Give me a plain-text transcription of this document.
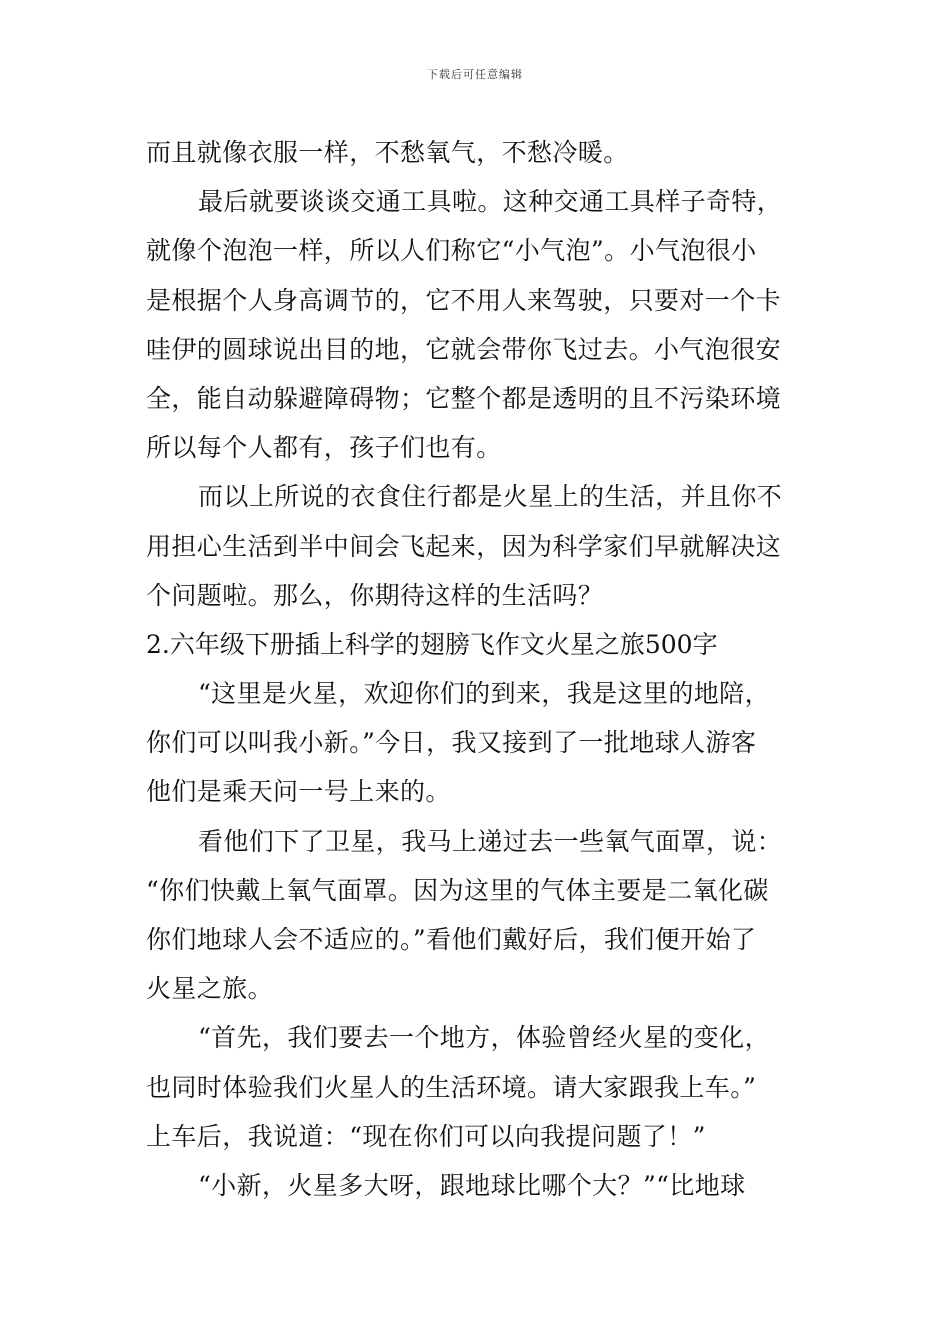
下载后可任意编辑
而且就像衣服一样，不愁氧气，不愁冷暖。
最后就要谈谈交通工具啦。这种交通工具样子奇特，
就像个泡泡一样，所以人们称它“小气泡”。小气泡很小
是根据个人身高调节的，它不用人来驾驶，只要对一个卡
哇伊的圆球说出目的地，它就会带你飞过去。小气泡很安
全，能自动躲避障碍物；它整个都是透明的且不污染环境
所以每个人都有，孩子们也有。
而以上所说的衣食住行都是火星上的生活，并且你不
用担心生活到半中间会飞起来，因为科学家们早就解决这
个问题啦。那么，你期待这样的生活吗？
2.六年级下册插上科学的翅膀飞作文火星之旅500字
“这里是火星，欢迎你们的到来，我是这里的地陪，
你们可以叫我小新。”今日，我又接到了一批地球人游客
他们是乘天问一号上来的。
看他们下了卫星，我马上递过去一些氧气面罩，说：
“你们快戴上氧气面罩。因为这里的气体主要是二氧化碳
你们地球人会不适应的。”看他们戴好后，我们便开始了
火星之旅。
“首先，我们要去一个地方，体验曾经火星的变化，
也同时体验我们火星人的生活环境。请大家跟我上车。”
上车后，我说道：“现在你们可以向我提问题了！”
“小新，火星多大呀，跟地球比哪个大？”“比地球
